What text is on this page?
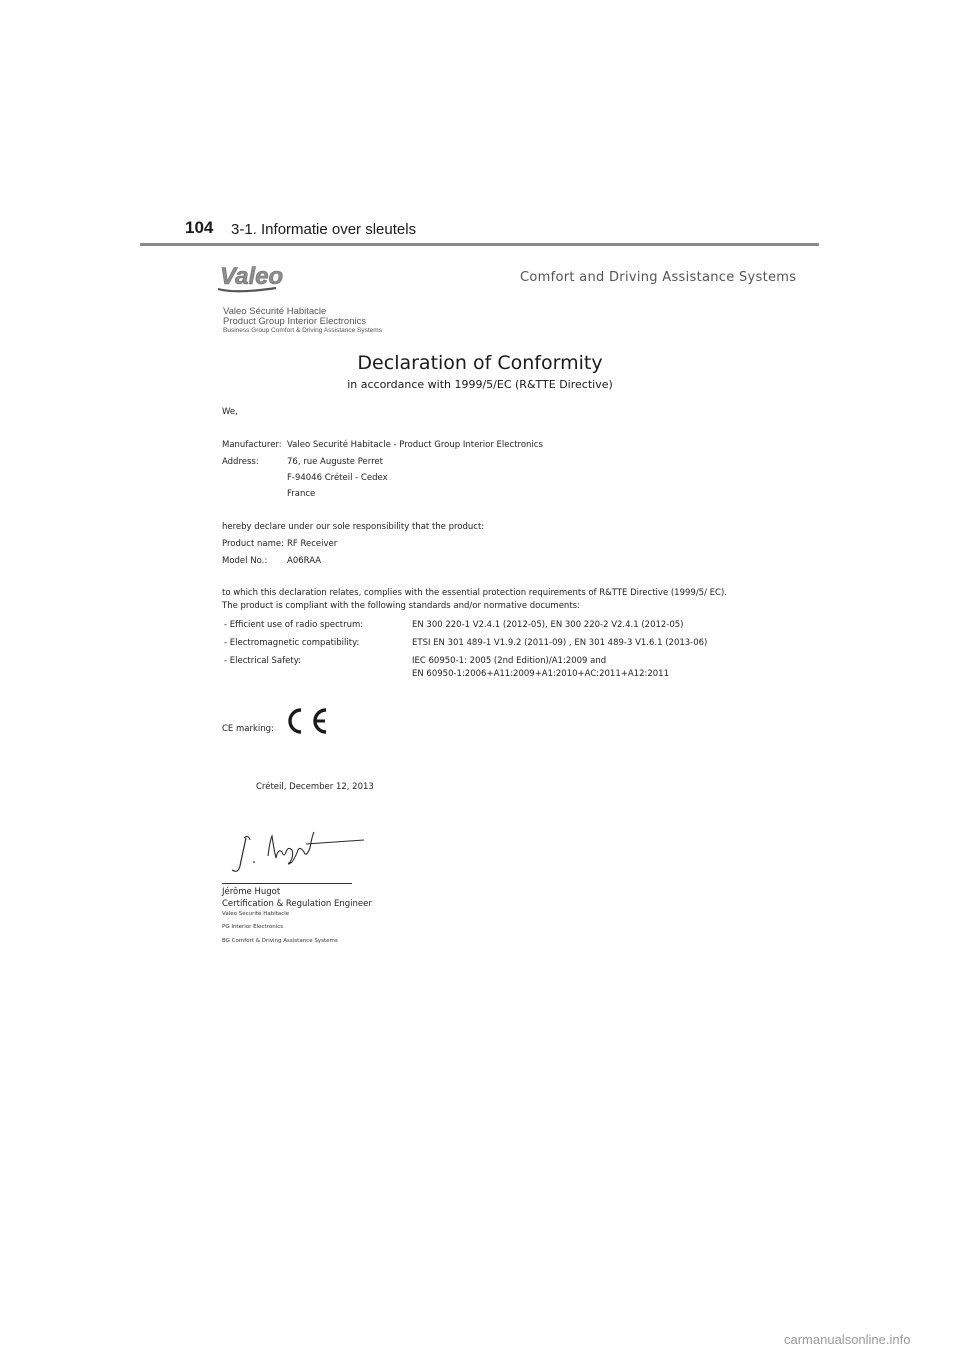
104 3-1. Informatie over sleutels
Valeo	Comfort and Driving Assistance Systems
Valeo Sécurité Habitacle
Product Group Interior Electronics
Business Group Comfort & Driving Assistance Systems
Declaration of Conformity
in accordance with 1999/5/EC (R&TTE Directive)
We,
Manufacturer: Valeo Securité Habitacle - Product Group Interior Electronics
Address:	76, rue Auguste Perret
F-94046 Créteil - Cedex
France
hereby declare under our sole responsibility that the product:
Product name: RF Receiver
Model No.: A06RAA
to which this declaration relates, complies with the essential protection requirements of R&TTE Directive (1999/5/ EC).
The product is compliant with the following standards and/or normative documents:
- Efficient use of radio spectrum:	EN 300 220-1 V2.4.1 (2012-05), EN 300 220-2 V2.4.1 (2012-05)
- Electromagnetic compatibility:	ETSI EN 301 489-1 V1.9.2 (2011-09) , EN 301 489-3 V1.6.1 (2013-06)
- Electrical Safety:	IEC 60950-1: 2005 (2nd Edition)/A1:2009 and
EN 60950-1:2006+A11:2009+A1:2010+AC:2011+A12:2011
CE marking:
Créteil, December 12, 2013
Jérôme Hugot
Certification & Regulation Engineer
Valeo Sécurité Habitacle
PG Interior Electronics
BG Comfort & Driving Assistance Systems
carmanualsonline.info
